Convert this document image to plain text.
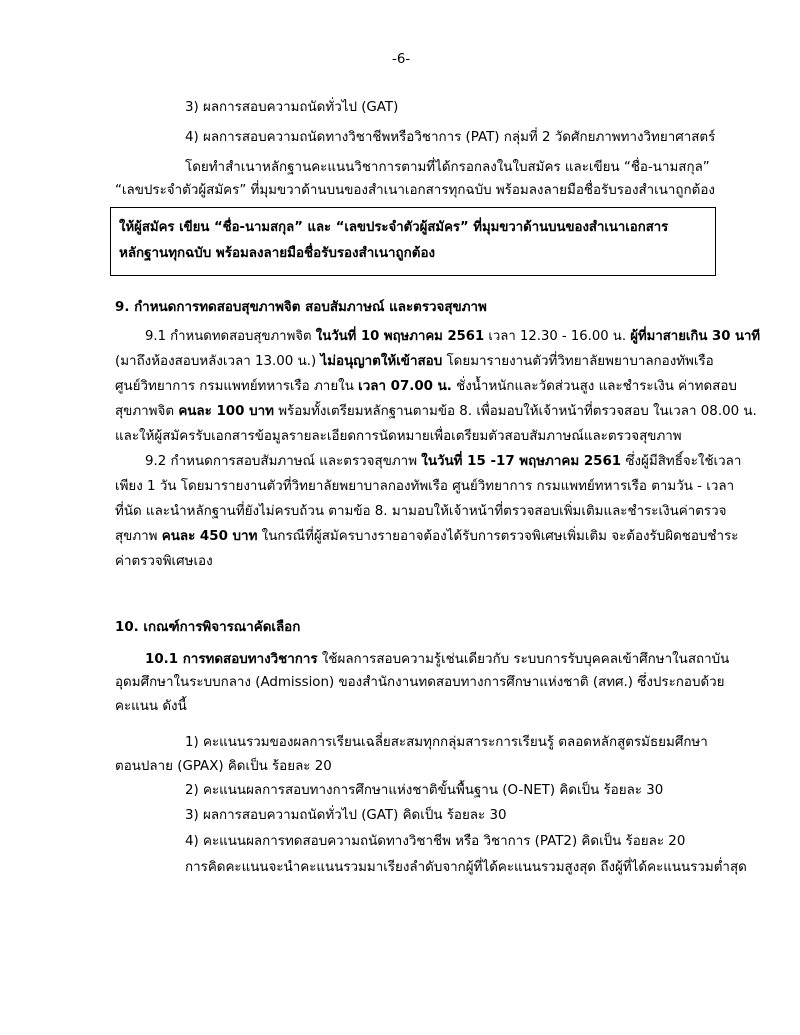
-6-
3) ผลการสอบความถนัดทั่วไป (GAT)
4) ผลการสอบความถนัดทางวิชาชีพหรือวิชาการ (PAT) กลุ่มที่ 2 วัดศักยภาพทางวิทยาศาสตร์
โดยทำสำเนาหลักฐานคะแนนวิชาการตามที่ได้กรอกลงในใบสมัคร และเขียน “ชื่อ-นามสกุล”
“เลขประจำตัวผู้สมัคร” ที่มุมขวาด้านบนของสำเนาเอกสารทุกฉบับ พร้อมลงลายมือชื่อรับรองสำเนาถูกต้อง
ให้ผู้สมัคร เขียน “ชื่อ-นามสกุล” และ “เลขประจำตัวผู้สมัคร” ที่มุมขวาด้านบนของสำเนาเอกสาร
หลักฐานทุกฉบับ พร้อมลงลายมือชื่อรับรองสำเนาถูกต้อง
9. กำหนดการทดสอบสุขภาพจิต สอบสัมภาษณ์ และตรวจสุขภาพ
9.1 กำหนดทดสอบสุขภาพจิต ในวันที่ 10 พฤษภาคม 2561 เวลา 12.30 - 16.00 น. ผู้ที่มาสายเกิน 30 นาที
(มาถึงห้องสอบหลังเวลา 13.00 น.) ไม่อนุญาตให้เข้าสอบ โดยมารายงานตัวที่วิทยาลัยพยาบาลกองทัพเรือ
ศูนย์วิทยาการ กรมแพทย์ทหารเรือ ภายใน เวลา 07.00 น. ชั่งน้ำหนักและวัดส่วนสูง และชำระเงิน ค่าทดสอบ
สุขภาพจิต คนละ 100 บาท พร้อมทั้งเตรียมหลักฐานตามข้อ 8. เพื่อมอบให้เจ้าหน้าที่ตรวจสอบ ในเวลา 08.00 น.
และให้ผู้สมัครรับเอกสารข้อมูลรายละเอียดการนัดหมายเพื่อเตรียมตัวสอบสัมภาษณ์และตรวจสุขภาพ
9.2 กำหนดการสอบสัมภาษณ์ และตรวจสุขภาพ ในวันที่ 15 -17 พฤษภาคม 2561 ซึ่งผู้มีสิทธิ์จะใช้เวลา
เพียง 1 วัน โดยมารายงานตัวที่วิทยาลัยพยาบาลกองทัพเรือ ศูนย์วิทยาการ กรมแพทย์ทหารเรือ ตามวัน - เวลา
ที่นัด และนำหลักฐานที่ยังไม่ครบถ้วน ตามข้อ 8. มามอบให้เจ้าหน้าที่ตรวจสอบเพิ่มเติมและชำระเงินค่าตรวจ
สุขภาพ คนละ 450 บาท ในกรณีที่ผู้สมัครบางรายอาจต้องได้รับการตรวจพิเศษเพิ่มเติม จะต้องรับผิดชอบชำระ
ค่าตรวจพิเศษเอง
10. เกณฑ์การพิจารณาคัดเลือก
10.1 การทดสอบทางวิชาการ ใช้ผลการสอบความรู้เช่นเดียวกับ ระบบการรับบุคคลเข้าศึกษาในสถาบัน
อุดมศึกษาในระบบกลาง (Admission) ของสำนักงานทดสอบทางการศึกษาแห่งชาติ (สทศ.) ซึ่งประกอบด้วย
คะแนน ดังนี้
1) คะแนนรวมของผลการเรียนเฉลี่ยสะสมทุกกลุ่มสาระการเรียนรู้ ตลอดหลักสูตรมัธยมศึกษา
ตอนปลาย (GPAX) คิดเป็น ร้อยละ 20
2) คะแนนผลการสอบทางการศึกษาแห่งชาติขั้นพื้นฐาน (O-NET) คิดเป็น ร้อยละ 30
3) ผลการสอบความถนัดทั่วไป (GAT) คิดเป็น ร้อยละ 30
4) คะแนนผลการทดสอบความถนัดทางวิชาชีพ หรือ วิชาการ (PAT2) คิดเป็น ร้อยละ 20
การคิดคะแนนจะนำคะแนนรวมมาเรียงลำดับจากผู้ที่ได้คะแนนรวมสูงสุด ถึงผู้ที่ได้คะแนนรวมต่ำสุด
